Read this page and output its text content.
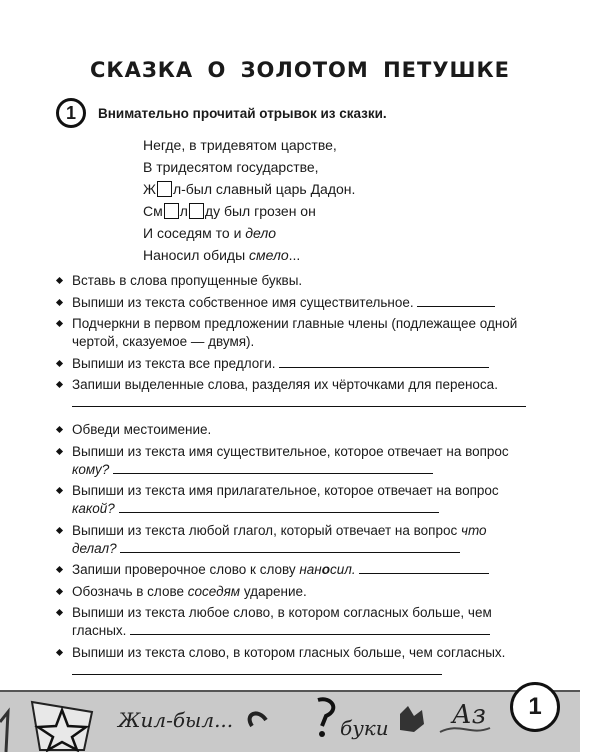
СКАЗКА О ЗОЛОТОМ ПЕТУШКЕ
1	Внимательно прочитай отрывок из сказки.
Негде, в тридевятом царстве,
В тридесятом государстве,
Ж л-был славный царь Дадон.
См л ду был грозен он
И соседям то и дело
Наносил обиды смело...
Вставь в слова пропущенные буквы.
Выпиши из текста собственное имя существительное.
Подчеркни в первом предложении главные члены (подлежащее одной чертой, сказуемое — двумя).
Выпиши из текста все предлоги.
Запиши выделенные слова, разделяя их чёрточками для переноса.
Обведи местоимение.
Выпиши из текста имя существительное, которое отвечает на вопрос кому?
Выпиши из текста имя прилагательное, которое отвечает на вопрос какой?
Выпиши из текста любой глагол, который отвечает на вопрос что делал?
Запиши проверочное слово к слову наносил.
Обозначь в слове соседям ударение.
Выпиши из текста любое слово, в котором согласных больше, чем гласных.
Выпиши из текста слово, в котором гласных больше, чем согласных.
Жил-был...	буки Аз	1
